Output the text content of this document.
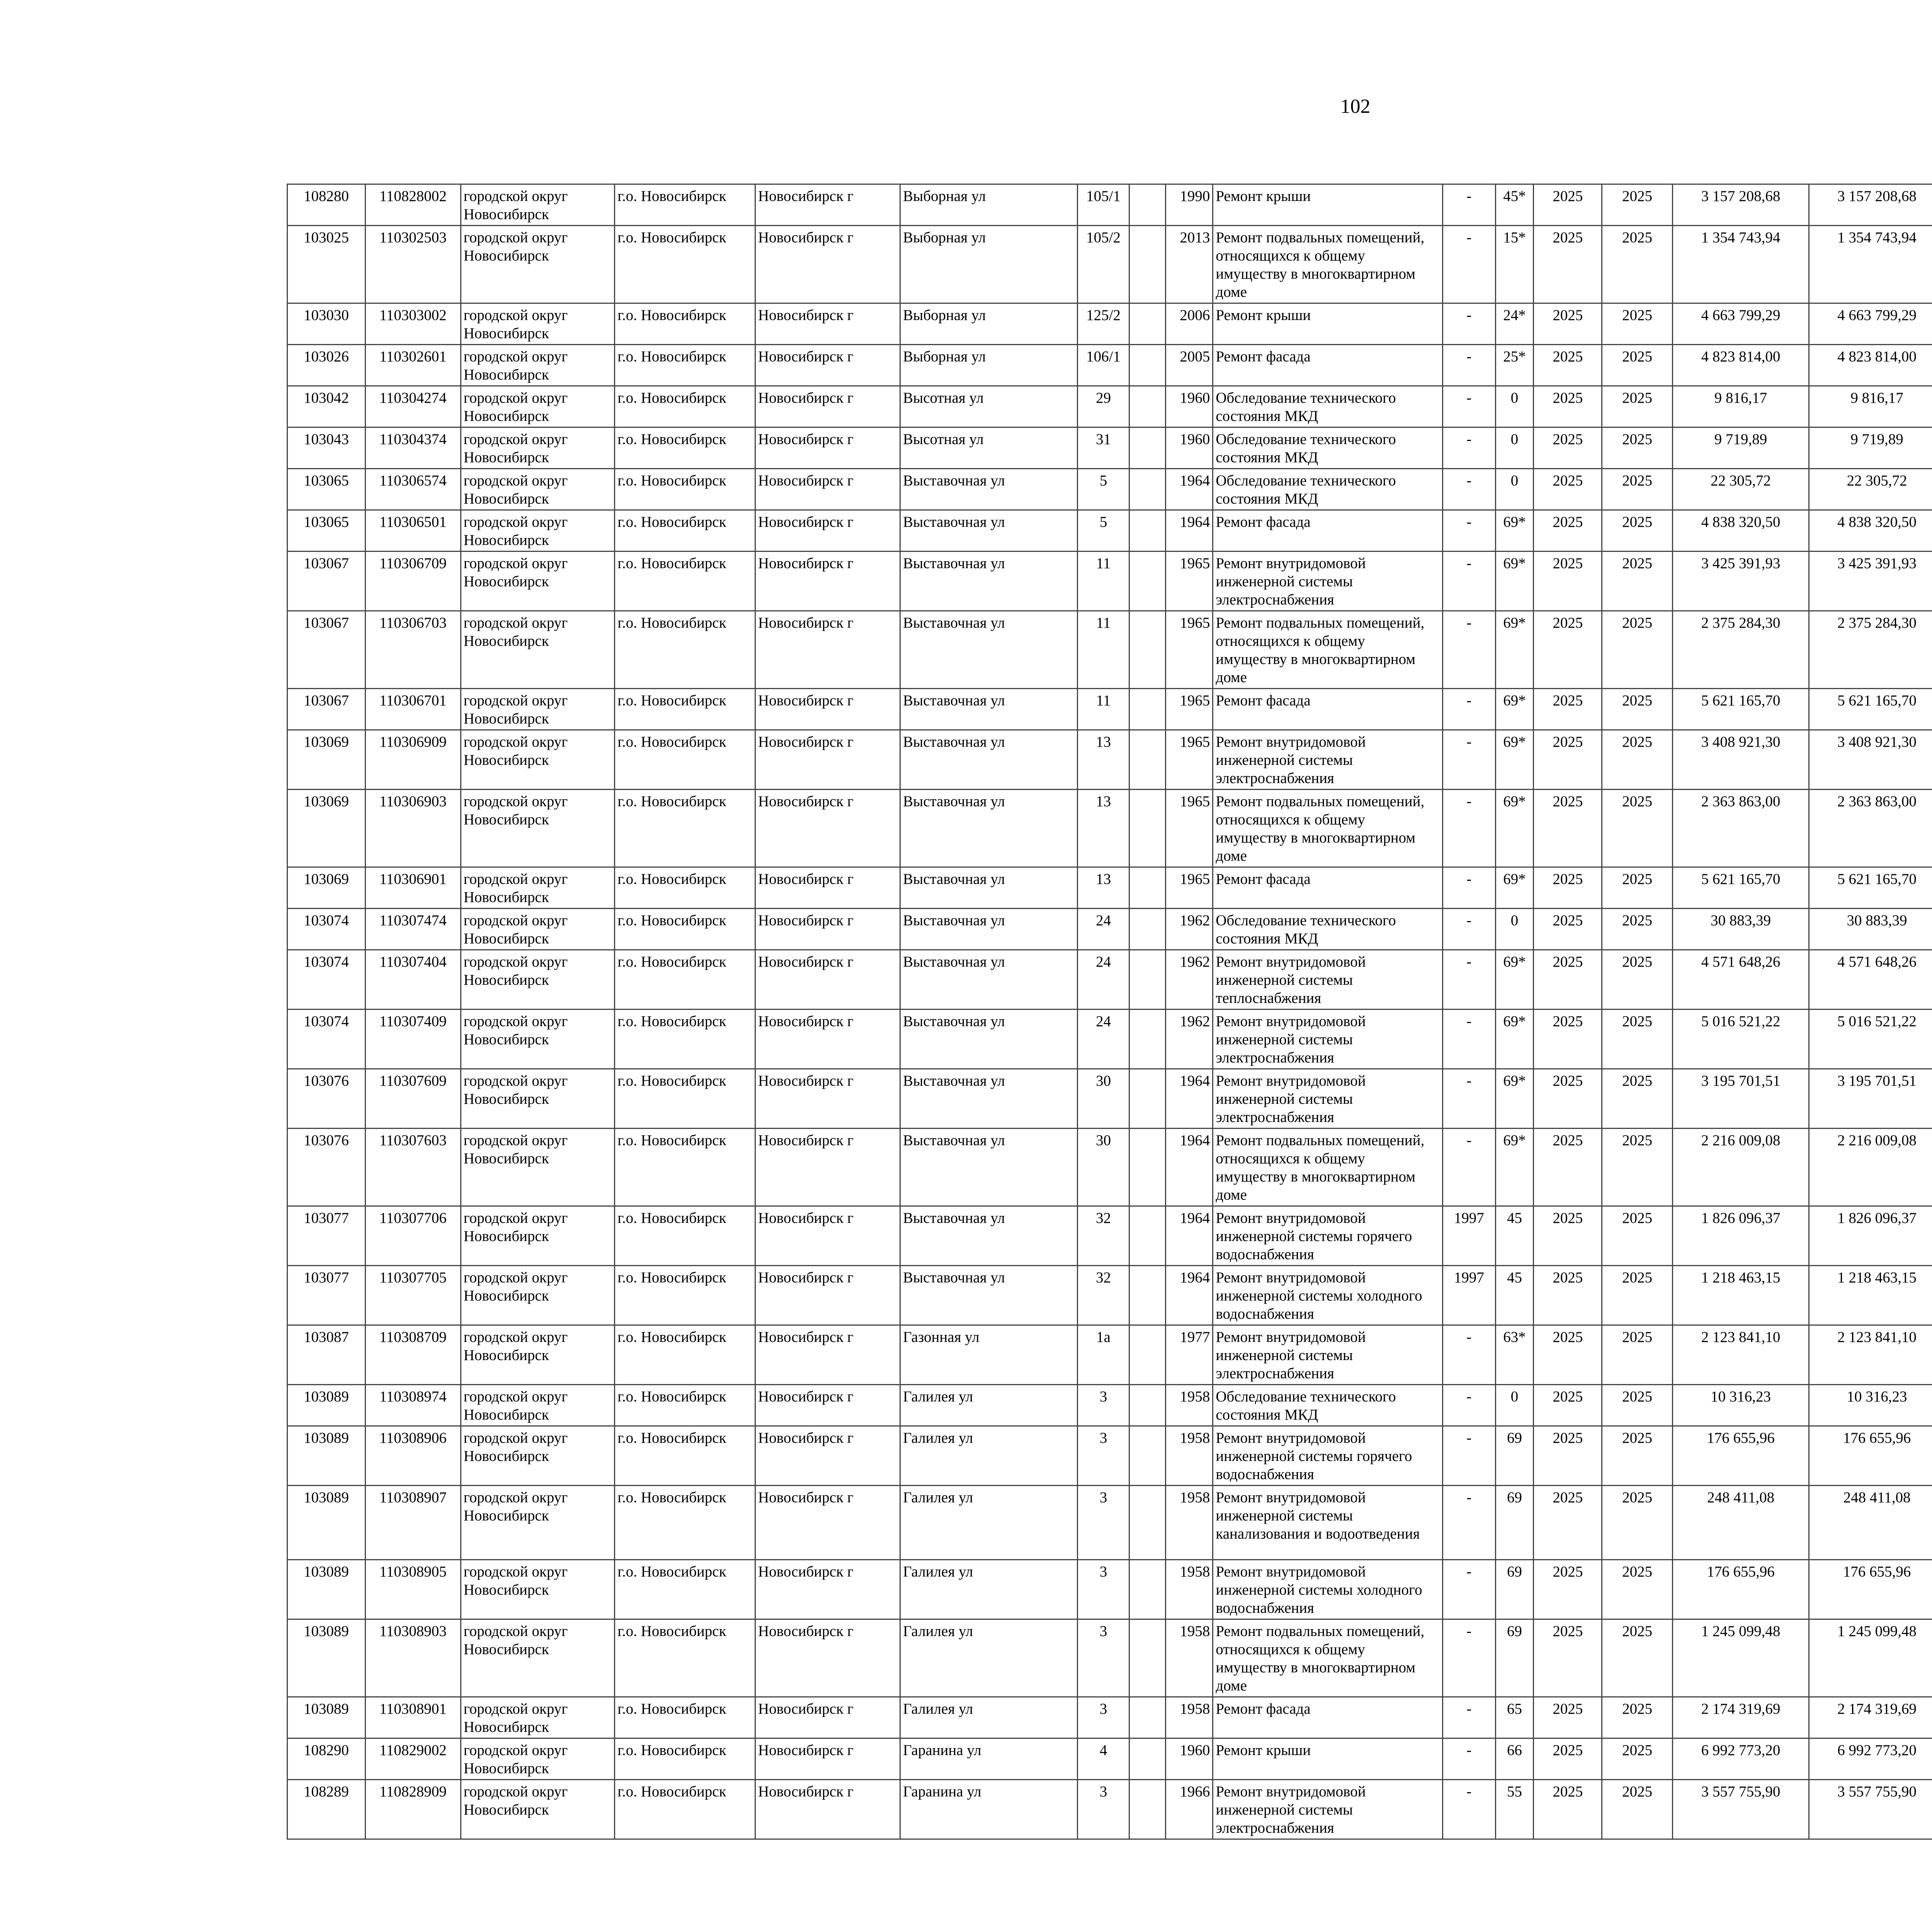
102
108280	110828002	городской округ Новосибирск	г.о. Новосибирск	Новосибирск г	Выборная ул	105/1		1990	Ремонт крыши	-	45*	2025	2025	3 157 208,68	3 157 208,68						
103025	110302503	городской округ Новосибирск	г.о. Новосибирск	Новосибирск г	Выборная ул	105/2		2013	Ремонт подвальных помещений, относящихся к общему имуществу в многоквартирном доме	-	15*	2025	2025	1 354 743,94	1 354 743,94						
103030	110303002	городской округ Новосибирск	г.о. Новосибирск	Новосибирск г	Выборная ул	125/2		2006	Ремонт крыши	-	24*	2025	2025	4 663 799,29	4 663 799,29						
103026	110302601	городской округ Новосибирск	г.о. Новосибирск	Новосибирск г	Выборная ул	106/1		2005	Ремонт фасада	-	25*	2025	2025	4 823 814,00	4 823 814,00						
103042	110304274	городской округ Новосибирск	г.о. Новосибирск	Новосибирск г	Высотная ул	29		1960	Обследование технического состояния МКД	-	0	2025	2025	9 816,17	9 816,17						
103043	110304374	городской округ Новосибирск	г.о. Новосибирск	Новосибирск г	Высотная ул	31		1960	Обследование технического состояния МКД	-	0	2025	2025	9 719,89	9 719,89						
103065	110306574	городской округ Новосибирск	г.о. Новосибирск	Новосибирск г	Выставочная ул	5		1964	Обследование технического состояния МКД	-	0	2025	2025	22 305,72	22 305,72						
103065	110306501	городской округ Новосибирск	г.о. Новосибирск	Новосибирск г	Выставочная ул	5		1964	Ремонт фасада	-	69*	2025	2025	4 838 320,50	4 838 320,50						
103067	110306709	городской округ Новосибирск	г.о. Новосибирск	Новосибирск г	Выставочная ул	11		1965	Ремонт внутридомовой инженерной системы электроснабжения	-	69*	2025	2025	3 425 391,93	3 425 391,93						
103067	110306703	городской округ Новосибирск	г.о. Новосибирск	Новосибирск г	Выставочная ул	11		1965	Ремонт подвальных помещений, относящихся к общему имуществу в многоквартирном доме	-	69*	2025	2025	2 375 284,30	2 375 284,30						
103067	110306701	городской округ Новосибирск	г.о. Новосибирск	Новосибирск г	Выставочная ул	11		1965	Ремонт фасада	-	69*	2025	2025	5 621 165,70	5 621 165,70						
103069	110306909	городской округ Новосибирск	г.о. Новосибирск	Новосибирск г	Выставочная ул	13		1965	Ремонт внутридомовой инженерной системы электроснабжения	-	69*	2025	2025	3 408 921,30	3 408 921,30						
103069	110306903	городской округ Новосибирск	г.о. Новосибирск	Новосибирск г	Выставочная ул	13		1965	Ремонт подвальных помещений, относящихся к общему имуществу в многоквартирном доме	-	69*	2025	2025	2 363 863,00	2 363 863,00						
103069	110306901	городской округ Новосибирск	г.о. Новосибирск	Новосибирск г	Выставочная ул	13		1965	Ремонт фасада	-	69*	2025	2025	5 621 165,70	5 621 165,70						
103074	110307474	городской округ Новосибирск	г.о. Новосибирск	Новосибирск г	Выставочная ул	24		1962	Обследование технического состояния МКД	-	0	2025	2025	30 883,39	30 883,39						
103074	110307404	городской округ Новосибирск	г.о. Новосибирск	Новосибирск г	Выставочная ул	24		1962	Ремонт внутридомовой инженерной системы теплоснабжения	-	69*	2025	2025	4 571 648,26	4 571 648,26						
103074	110307409	городской округ Новосибирск	г.о. Новосибирск	Новосибирск г	Выставочная ул	24		1962	Ремонт внутридомовой инженерной системы электроснабжения	-	69*	2025	2025	5 016 521,22	5 016 521,22						
103076	110307609	городской округ Новосибирск	г.о. Новосибирск	Новосибирск г	Выставочная ул	30		1964	Ремонт внутридомовой инженерной системы электроснабжения	-	69*	2025	2025	3 195 701,51	3 195 701,51						
103076	110307603	городской округ Новосибирск	г.о. Новосибирск	Новосибирск г	Выставочная ул	30		1964	Ремонт подвальных помещений, относящихся к общему имуществу в многоквартирном доме	-	69*	2025	2025	2 216 009,08	2 216 009,08						
103077	110307706	городской округ Новосибирск	г.о. Новосибирск	Новосибирск г	Выставочная ул	32		1964	Ремонт внутридомовой инженерной системы горячего водоснабжения	1997	45	2025	2025	1 826 096,37	1 826 096,37						
103077	110307705	городской округ Новосибирск	г.о. Новосибирск	Новосибирск г	Выставочная ул	32		1964	Ремонт внутридомовой инженерной системы холодного водоснабжения	1997	45	2025	2025	1 218 463,15	1 218 463,15						
103087	110308709	городской округ Новосибирск	г.о. Новосибирск	Новосибирск г	Газонная ул	1а		1977	Ремонт внутридомовой инженерной системы электроснабжения	-	63*	2025	2025	2 123 841,10	2 123 841,10						
103089	110308974	городской округ Новосибирск	г.о. Новосибирск	Новосибирск г	Галилея ул	3		1958	Обследование технического состояния МКД	-	0	2025	2025	10 316,23	10 316,23						
103089	110308906	городской округ Новосибирск	г.о. Новосибирск	Новосибирск г	Галилея ул	3		1958	Ремонт внутридомовой инженерной системы горячего водоснабжения	-	69	2025	2025	176 655,96	176 655,96						
103089	110308907	городской округ Новосибирск	г.о. Новосибирск	Новосибирск г	Галилея ул	3		1958	Ремонт внутридомовой инженерной системы канализования и водоотведения	-	69	2025	2025	248 411,08	248 411,08						
103089	110308905	городской округ Новосибирск	г.о. Новосибирск	Новосибирск г	Галилея ул	3		1958	Ремонт внутридомовой инженерной системы холодного водоснабжения	-	69	2025	2025	176 655,96	176 655,96						
103089	110308903	городской округ Новосибирск	г.о. Новосибирск	Новосибирск г	Галилея ул	3		1958	Ремонт подвальных помещений, относящихся к общему имуществу в многоквартирном доме	-	69	2025	2025	1 245 099,48	1 245 099,48						
103089	110308901	городской округ Новосибирск	г.о. Новосибирск	Новосибирск г	Галилея ул	3		1958	Ремонт фасада	-	65	2025	2025	2 174 319,69	2 174 319,69						
108290	110829002	городской округ Новосибирск	г.о. Новосибирск	Новосибирск г	Гаранина ул	4		1960	Ремонт крыши	-	66	2025	2025	6 992 773,20	6 992 773,20						
108289	110828909	городской округ Новосибирск	г.о. Новосибирск	Новосибирск г	Гаранина ул	3		1966	Ремонт внутридомовой инженерной системы электроснабжения	-	55	2025	2025	3 557 755,90	3 557 755,90						
